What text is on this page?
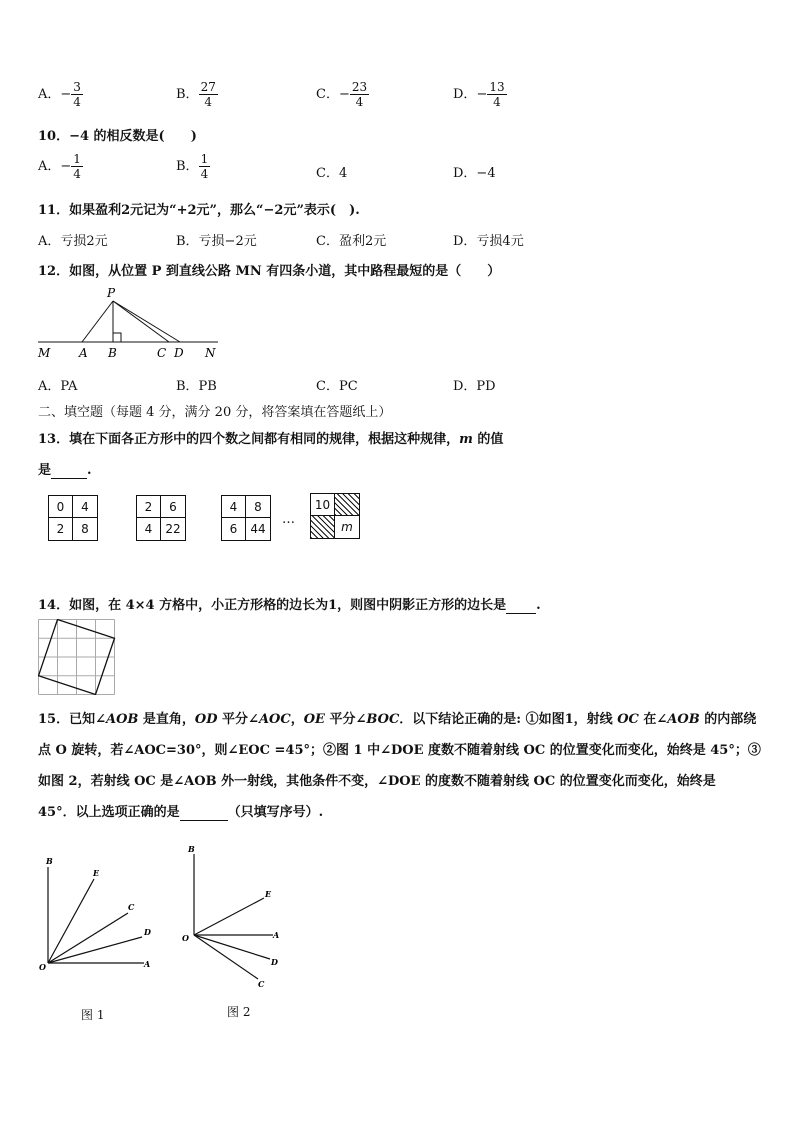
A．− $\frac{3}{4}$	B． $\frac{27}{4}$	C．− $\frac{23}{4}$	D．− $\frac{13}{4}$
10．−4 的相反数是(　　)
A．− $\frac{1}{4}$	B． $\frac{1}{4}$	C．4	D．−4
11．如果盈利2元记为“+2元”，那么“−2元”表示(　).
A．亏损2元	B．亏损−2元	C．盈利2元	D．亏损4元
12．如图，从位置 P 到直线公路 MN 有四条小道，其中路程最短的是（　　）
P
M A B	C D N
A．PA	B．PB	C．PC	D．PD
二、填空题（每题 4 分，满分 20 分，将答案填在答题纸上）
13．填在下面各正方形中的四个数之间都有相同的规律，根据这种规律，m 的值
是	.
0	4
2	8
2	6
4	22
4	8
6	44
…
10
m
14．如图，在 4×4 方格中，小正方形格的边长为1，则图中阴影正方形的边长是 .
15．已知∠AOB 是直角，OD 平分∠AOC，OE 平分∠BOC．以下结论正确的是: ①如图1，射线 OC 在∠AOB 的内部绕
点 O 旋转，若∠AOC=30°，则∠EOC =45°；②图 1 中∠DOE 度数不随着射线 OC 的位置变化而变化，始终是 45°；③
如图 2，若射线 OC 是∠AOB 外一射线，其他条件不变，∠DOE 的度数不随着射线 OC 的位置变化而变化，始终是
45°．以上选项正确的是	（只填写序号）.
B
E
C
D
A
O
图 1
B
E
A
O
D
C
图 2
